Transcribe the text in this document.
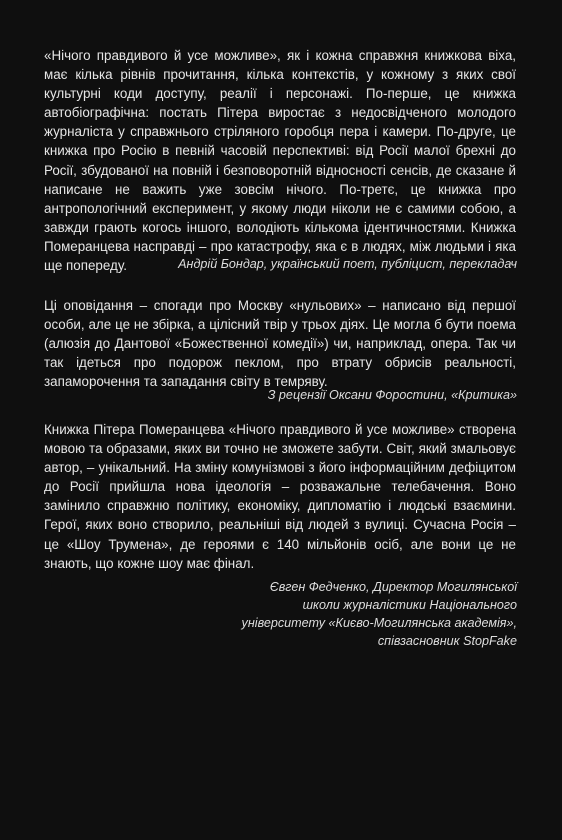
«Нічого правдивого й усе можливе», як і кожна справжня книжкова віха, має кілька рівнів прочитання, кілька контекстів, у кожному з яких свої культурні коди доступу, реалії і персонажі. По-перше, це книжка автобіографічна: постать Пітера виростає з недосвідченого молодого журналіста у справжнього стріляного горобця пера і камери. По-друге, це книжка про Росію в певній часовій перспективі: від Росії малої брехні до Росії, збудованої на повній і безповоротній відносності сенсів, де сказане й написане не важить уже зовсім нічого. По-третє, це книжка про антропологічний експеримент, у якому люди ніколи не є самими собою, а завжди грають когось іншого, володіють кількома ідентичностями. Книжка Померанцева насправді – про катастрофу, яка є в людях, між людьми і яка ще попереду.	Андрій Бондар, український поет, публіцист, перекладач

Ці оповідання – спогади про Москву «нульових» – написано від першої особи, але це не збірка, а цілісний твір у трьох діях. Це могла б бути поема (алюзія до Дантової «Божественної комедії») чи, наприклад, опера. Так чи так ідеться про подорож пеклом, про втрату обрисів реальності, запаморочення та западання світу в темряву.

З рецензії Оксани Форостини, «Критика»

Книжка Пітера Померанцева «Нічого правдивого й усе можливе» створена мовою та образами, яких ви точно не зможете забути. Світ, який змальовує автор, – унікальний. На зміну комунізмові з його інформаційним дефіцитом до Росії прийшла нова ідеологія – розважальне телебачення. Воно замінило справжню політику, економіку, дипломатію і людські взаємини. Герої, яких воно створило, реальніші від людей з вулиці. Сучасна Росія – це «Шоу Трумена», де героями є 140 мільйонів осіб, але вони це не знають, що кожне шоу має фінал.

Євген Федченко, Директор Могилянської школи журналістики Національного університету «Києво-Могилянська академія», співзасновник StopFake
